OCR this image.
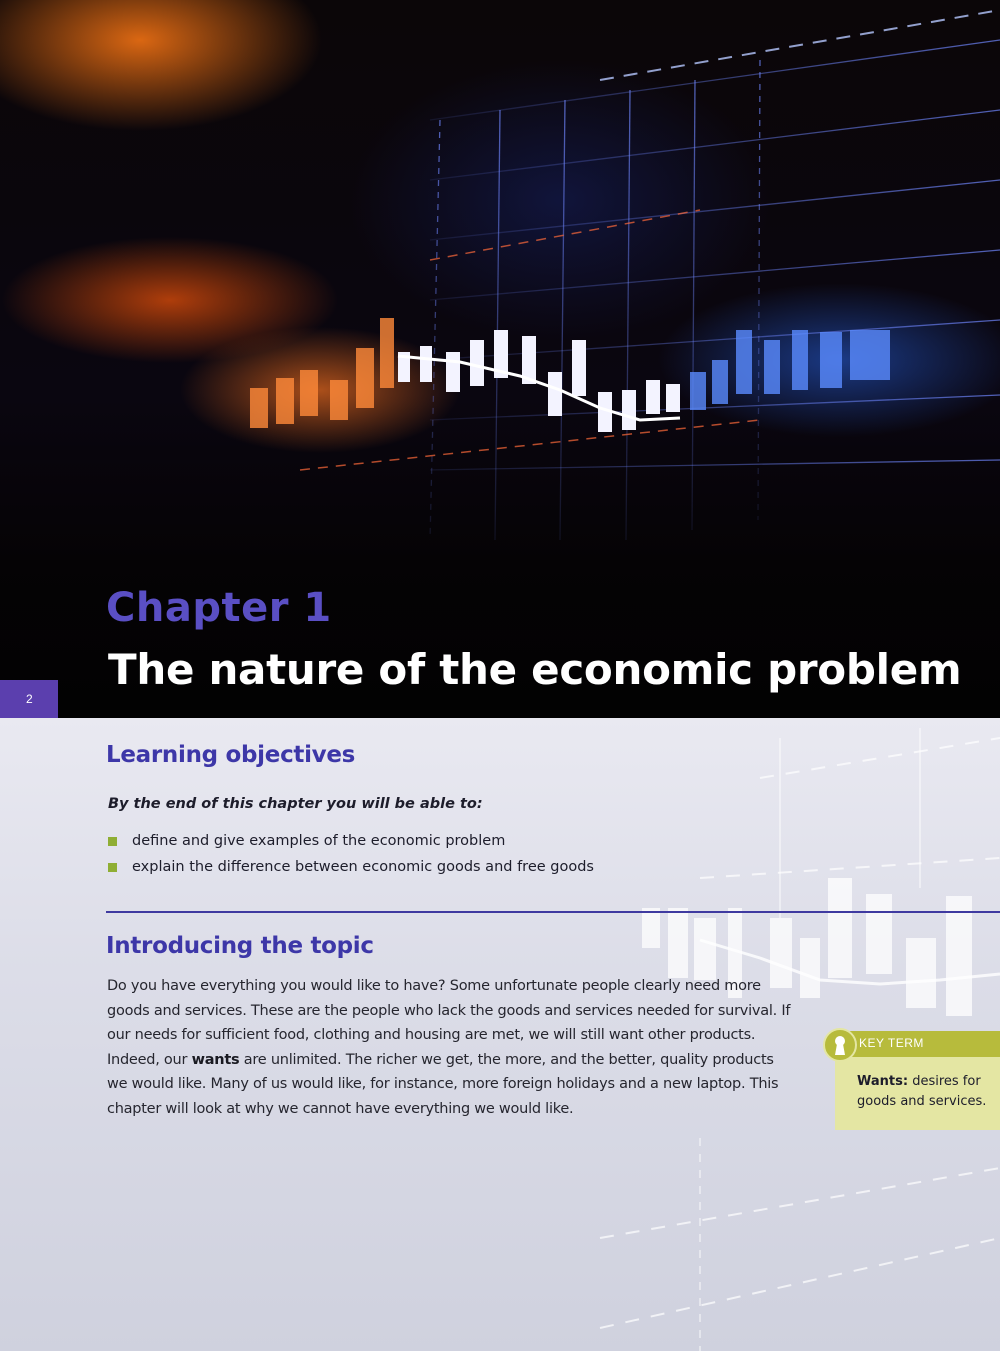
Chapter 1
The nature of the economic problem
2
Learning objectives

By the end of this chapter you will be able to:

define and give examples of the economic problem
explain the difference between economic goods and free goods
Introducing the topic

Do you have everything you would like to have? Some unfortunate people clearly need more goods and services. These are the people who lack the goods and services needed for survival. If our needs for sufficient food, clothing and housing are met, we will still want other products. Indeed, our wants are unlimited. The richer we get, the more, and the better, quality products we would like. Many of us would like, for instance, more foreign holidays and a new laptop. This chapter will look at why we cannot have everything we would like.

KEY TERM

Wants: desires for goods and services.
